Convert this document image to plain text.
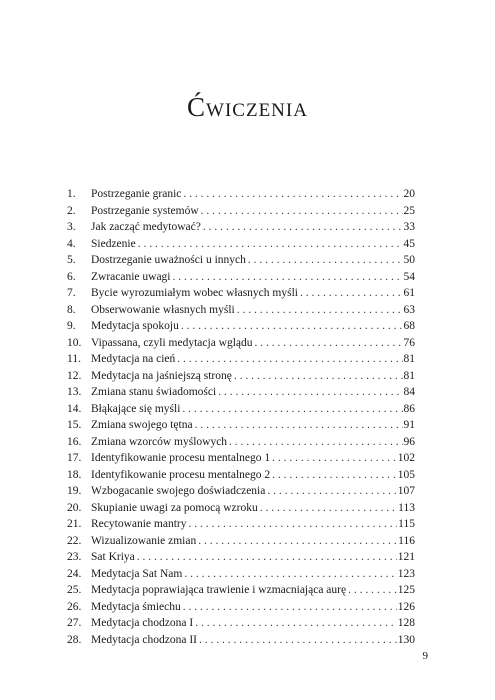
Ćwiczenia
1.	Postrzeganie granic . . .	20
2.	Postrzeganie systemów . . .	25
3.	Jak zacząć medytować? . . .	33
4.	Siedzenie . . .	45
5.	Dostrzeganie uważności u innych . . .	50
6.	Zwracanie uwagi . . .	54
7.	Bycie wyrozumiałym wobec własnych myśli . . .	61
8.	Obserwowanie własnych myśli . . .	63
9.	Medytacja spokoju . . .	68
10. Vipassana, czyli medytacja wglądu . . .	76
11. Medytacja na cień . . .	81
12. Medytacja na jaśniejszą stronę . . .	81
13. Zmiana stanu świadomości . . .	84
14. Błąkające się myśli . . .	86
15. Zmiana swojego tętna . . .	91
16. Zmiana wzorców myślowych . . .	96
17. Identyfikowanie procesu mentalnego 1 . . .	102
18. Identyfikowanie procesu mentalnego 2 . . .	105
19. Wzbogacanie swojego doświadczenia . . .	107
20. Skupianie uwagi za pomocą wzroku . . .	113
21. Recytowanie mantry . . .	115
22. Wizualizowanie zmian . . .	116
23. Sat Kriya . . .	121
24. Medytacja Sat Nam . . .	123
25. Medytacja poprawiająca trawienie i wzmacniająca aurę . . .	125
26. Medytacja śmiechu . . .	126
27. Medytacja chodzona I . . .	128
28. Medytacja chodzona II . . .	130
9
